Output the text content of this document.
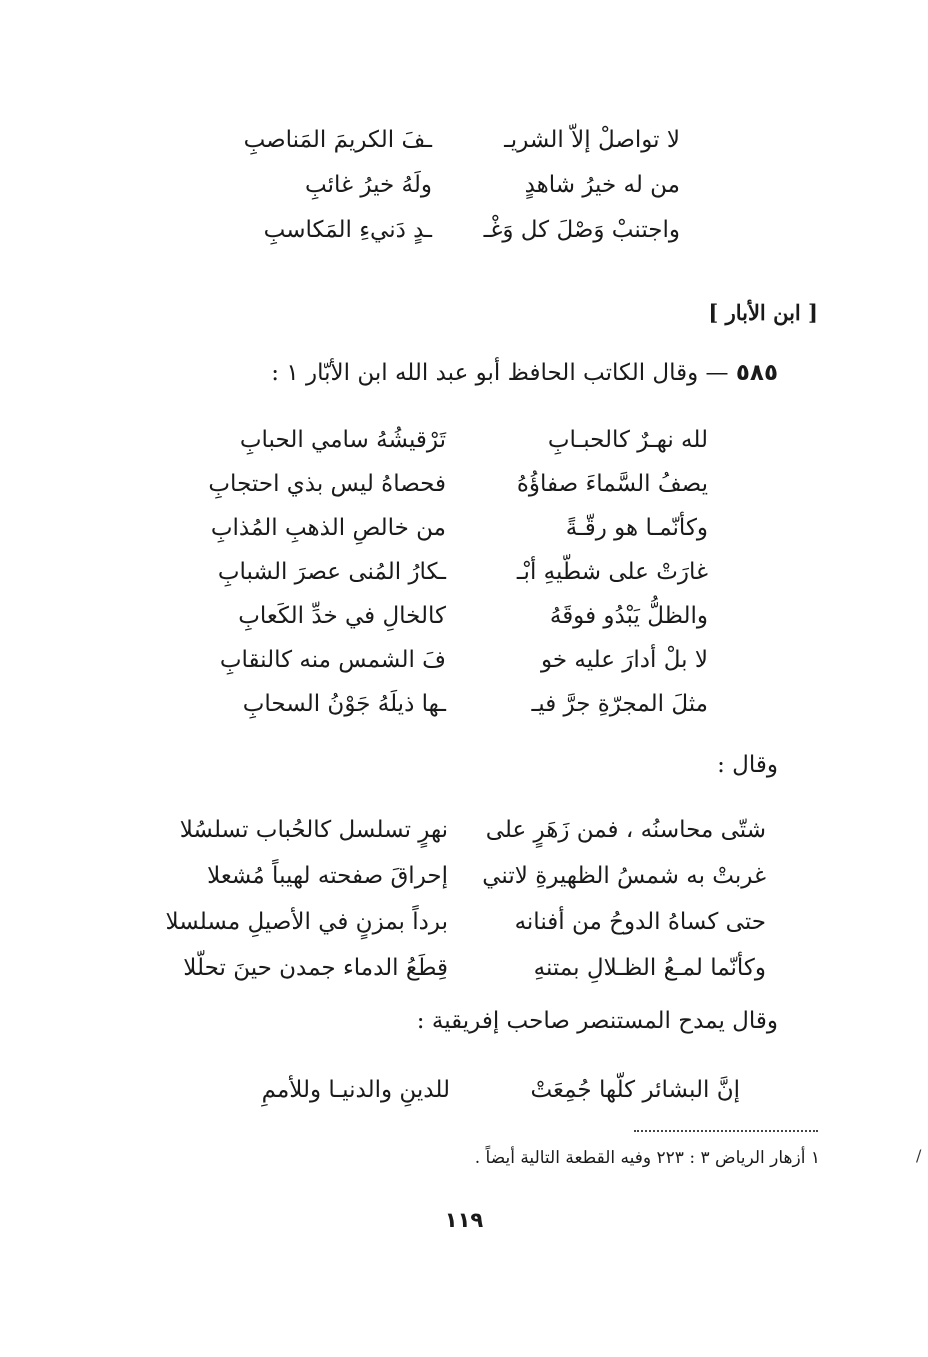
لا تواصلْ إلاّ الشريـ
ـفَ الكريمَ المَناصبِ
من له خيرُ شاهدٍ
ولَهُ خيرُ غائبِ
واجتنبْ وَصْلَ كل وَغْـ
ـدٍ دَنيءِ المَكاسبِ
[ ابن الأبار ]
٥٨٥ — وقال الكاتب الحافظ أبو عبد الله ابن الأبّار ١ :
لله نهـرٌ كالحبـابِ
تَرْقيشُهُ سامي الحبابِ
يصفُ السَّماءَ صفاؤُهُ
فحصاهُ ليس بذي احتجابِ
وكأنّمـا هو رقّـةً
من خالصِ الذهبِ المُذابِ
غارَتْ على شطّيهِ أبْـ
ـكارُ المُنى عصرَ الشبابِ
والظلُّ يَبْدُو فوقَهُ
كالخالِ في خدِّ الكَعابِ
لا بلْ أدارَ عليه خو
فَ الشمس منه كالنقابِ
مثلَ المجرّةِ جرَّ فيـ
ـها ذيلَهُ جَوْنُ السحابِ
وقال :
شتّى محاسنُه ، فمن زَهَرٍ على
نهرٍ تسلسل كالحُباب تسلسُلا
غربتْ به شمسُ الظهيرةِ لاتني
إحراقَ صفحته لهيباً مُشعلا
حتى كساهُ الدوحُ من أفنانه
برداً بمزنٍ في الأصيلِ مسلسلا
وكأنّما لمـعُ الظـلالِ بمتنهِ
قِطَعُ الدماء جمدن حينَ تحلّلا
وقال يمدح المستنصر صاحب إفريقية :
إنَّ البشائر كلّها جُمِعَتْ
للدينِ والدنيـا وللأممِ
١ أزهار الرياض ٣ : ٢٢٣ وفيه القطعة التالية أيضاً .
١١٩
/
